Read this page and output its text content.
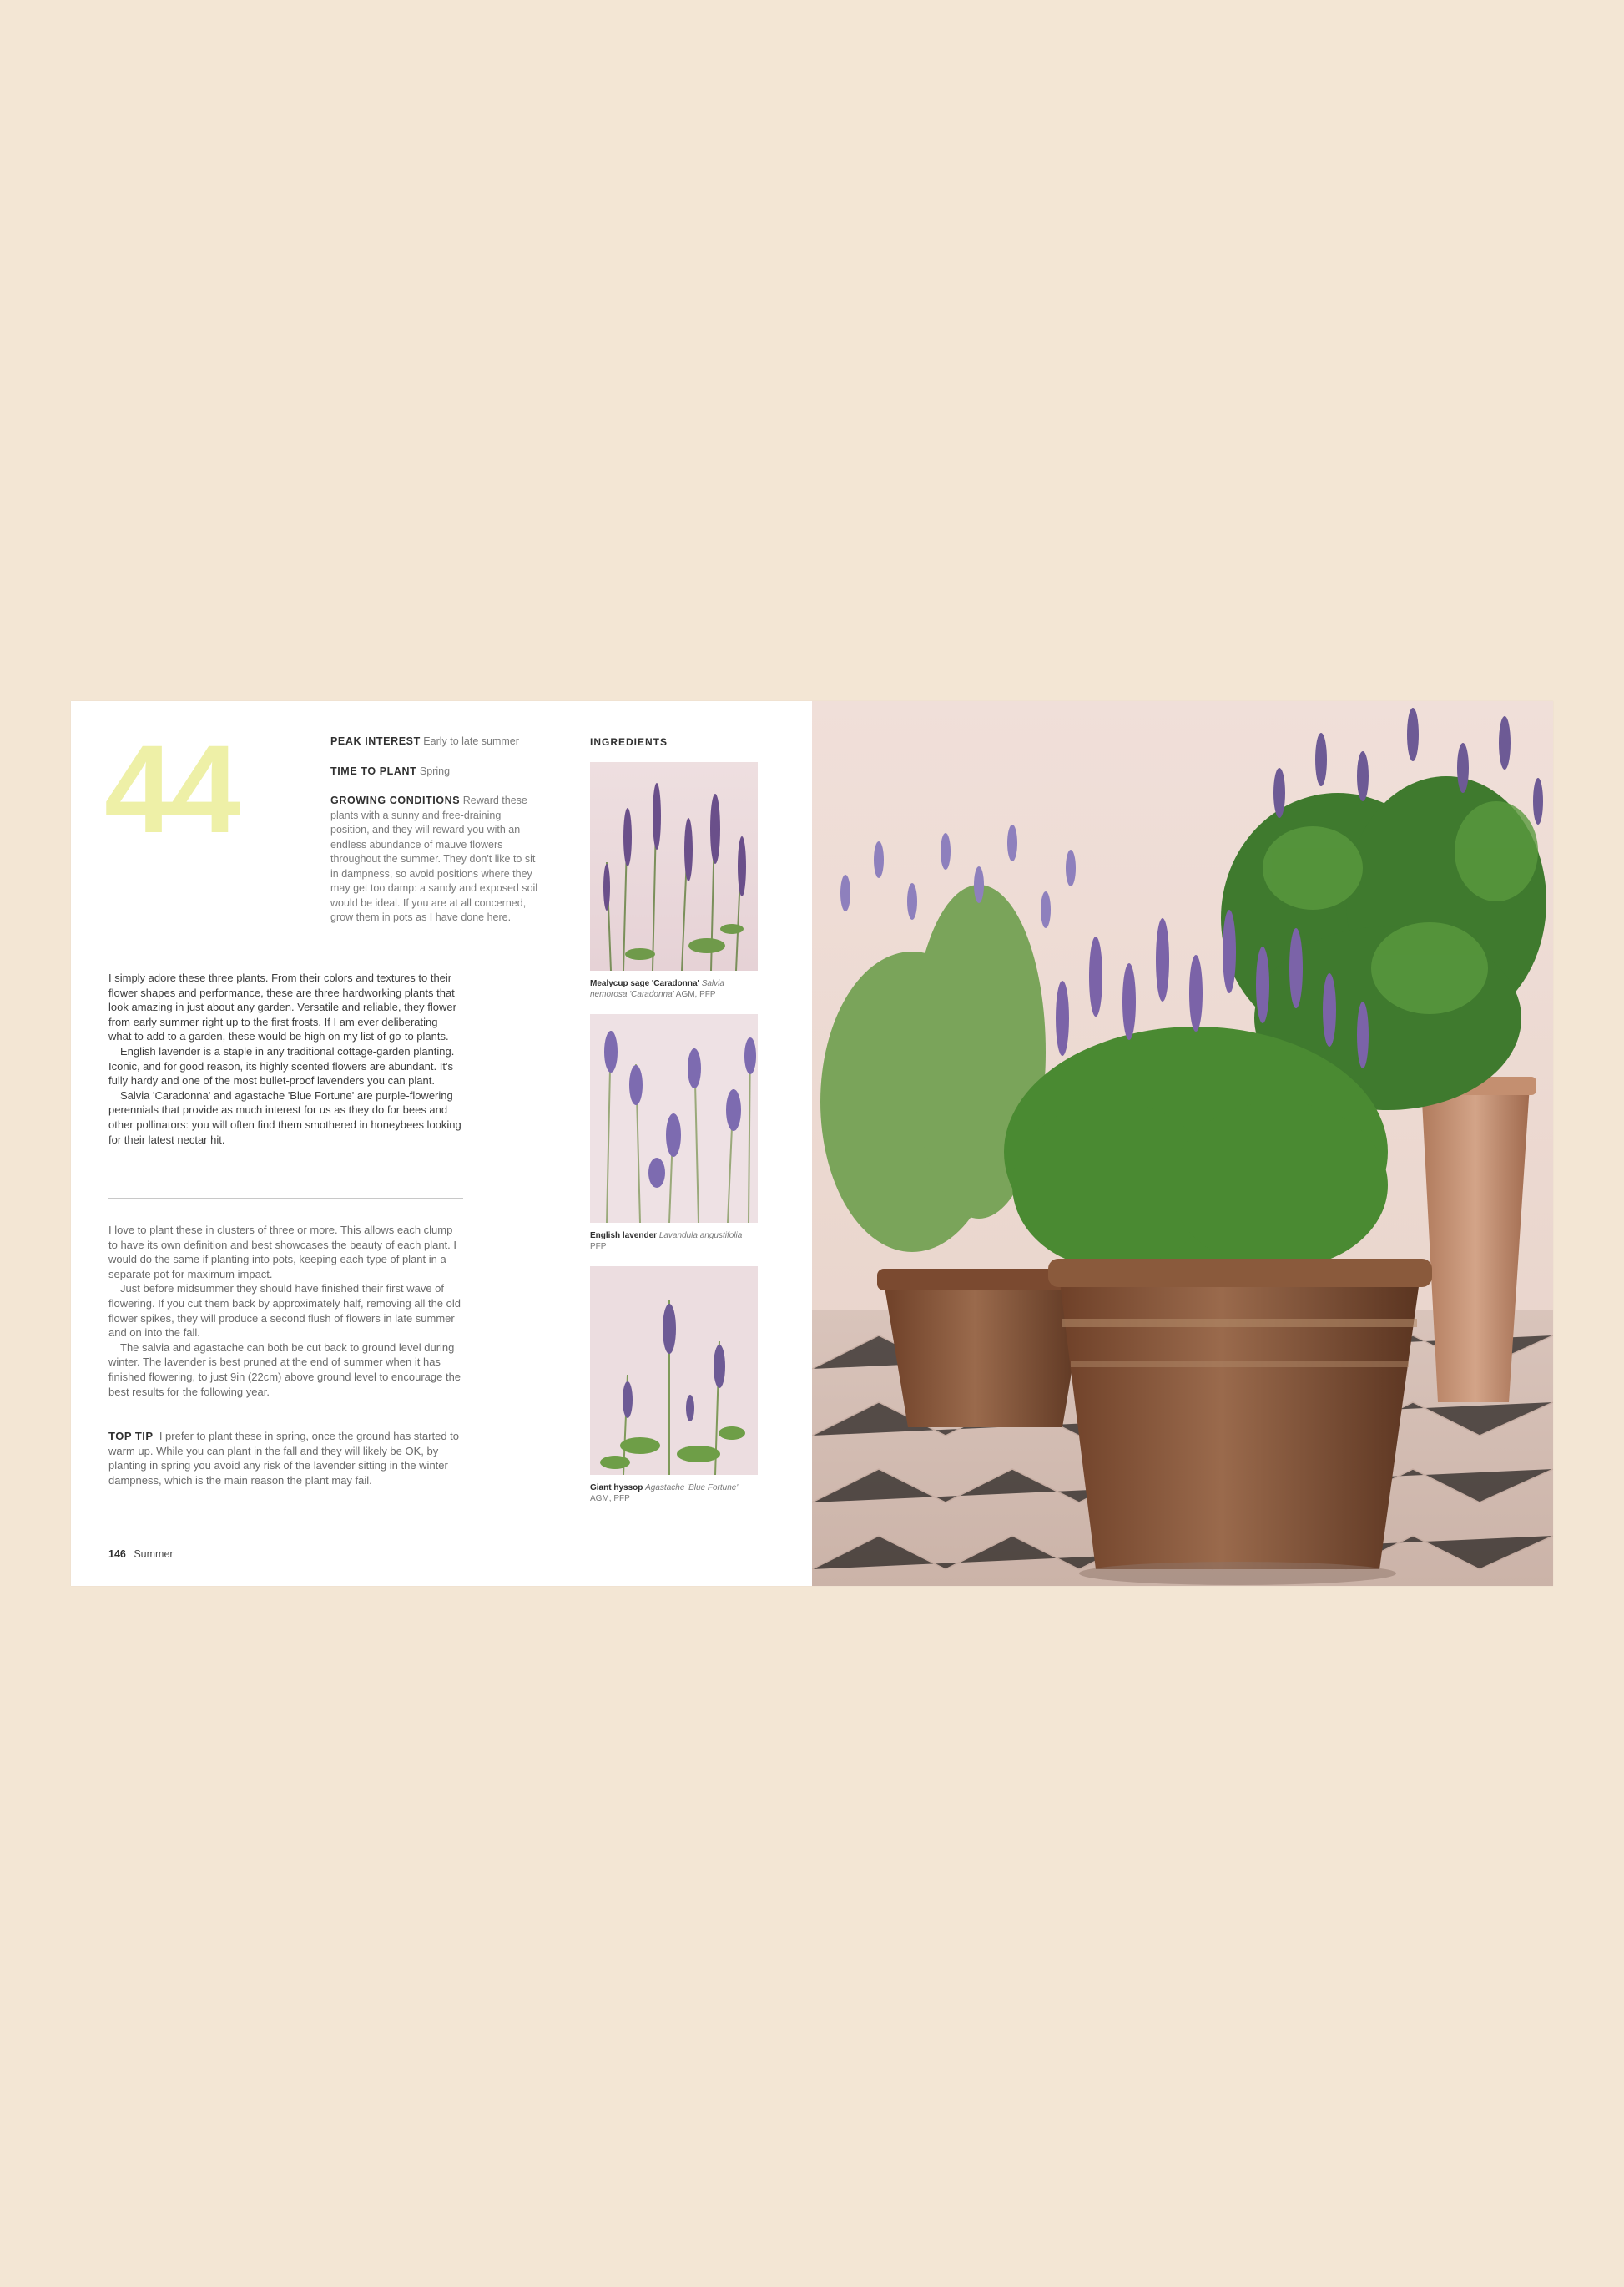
44	PEAK INTEREST Early to late summer

TIME TO PLANT Spring

GROWING CONDITIONS Reward these plants with a sunny and free-draining position, and they will reward you with an endless abundance of mauve flowers throughout the summer. They don't like to sit in dampness, so avoid positions where they may get too damp: a sandy and exposed soil would be ideal. If you are at all concerned, grow them in pots as I have done here.

I simply adore these three plants. From their colors and textures to their flower shapes and performance, these are three hardworking plants that look amazing in just about any garden. Versatile and reliable, they flower from early summer right up to the first frosts. If I am ever deliberating what to add to a garden, these would be high on my list of go-to plants.

English lavender is a staple in any traditional cottage-garden planting. Iconic, and for good reason, its highly scented flowers are abundant. It's fully hardy and one of the most bullet-proof lavenders you can plant.

Salvia 'Caradonna' and agastache 'Blue Fortune' are purple-flowering perennials that provide as much interest for us as they do for bees and other pollinators: you will often find them smothered in honeybees looking for their latest nectar hit.

I love to plant these in clusters of three or more. This allows each clump to have its own definition and best showcases the beauty of each plant. I would do the same if planting into pots, keeping each type of plant in a separate pot for maximum impact.

Just before midsummer they should have finished their first wave of flowering. If you cut them back by approximately half, removing all the old flower spikes, they will produce a second flush of flowers in late summer and on into the fall.

The salvia and agastache can both be cut back to ground level during winter. The lavender is best pruned at the end of summer when it has finished flowering, to just 9in (22cm) above ground level to encourage the best results for the following year.

TOP TIP I prefer to plant these in spring, once the ground has started to warm up. While you can plant in the fall and they will likely be OK, by planting in spring you avoid any risk of the lavender sitting in the winter dampness, which is the main reason the plant may fail.

146 Summer
INGREDIENTS
Mealycup sage 'Caradonna' Salvia nemorosa 'Caradonna' AGM, PFP
English lavender Lavandula angustifolia PFP
Giant hyssop Agastache 'Blue Fortune' AGM, PFP
